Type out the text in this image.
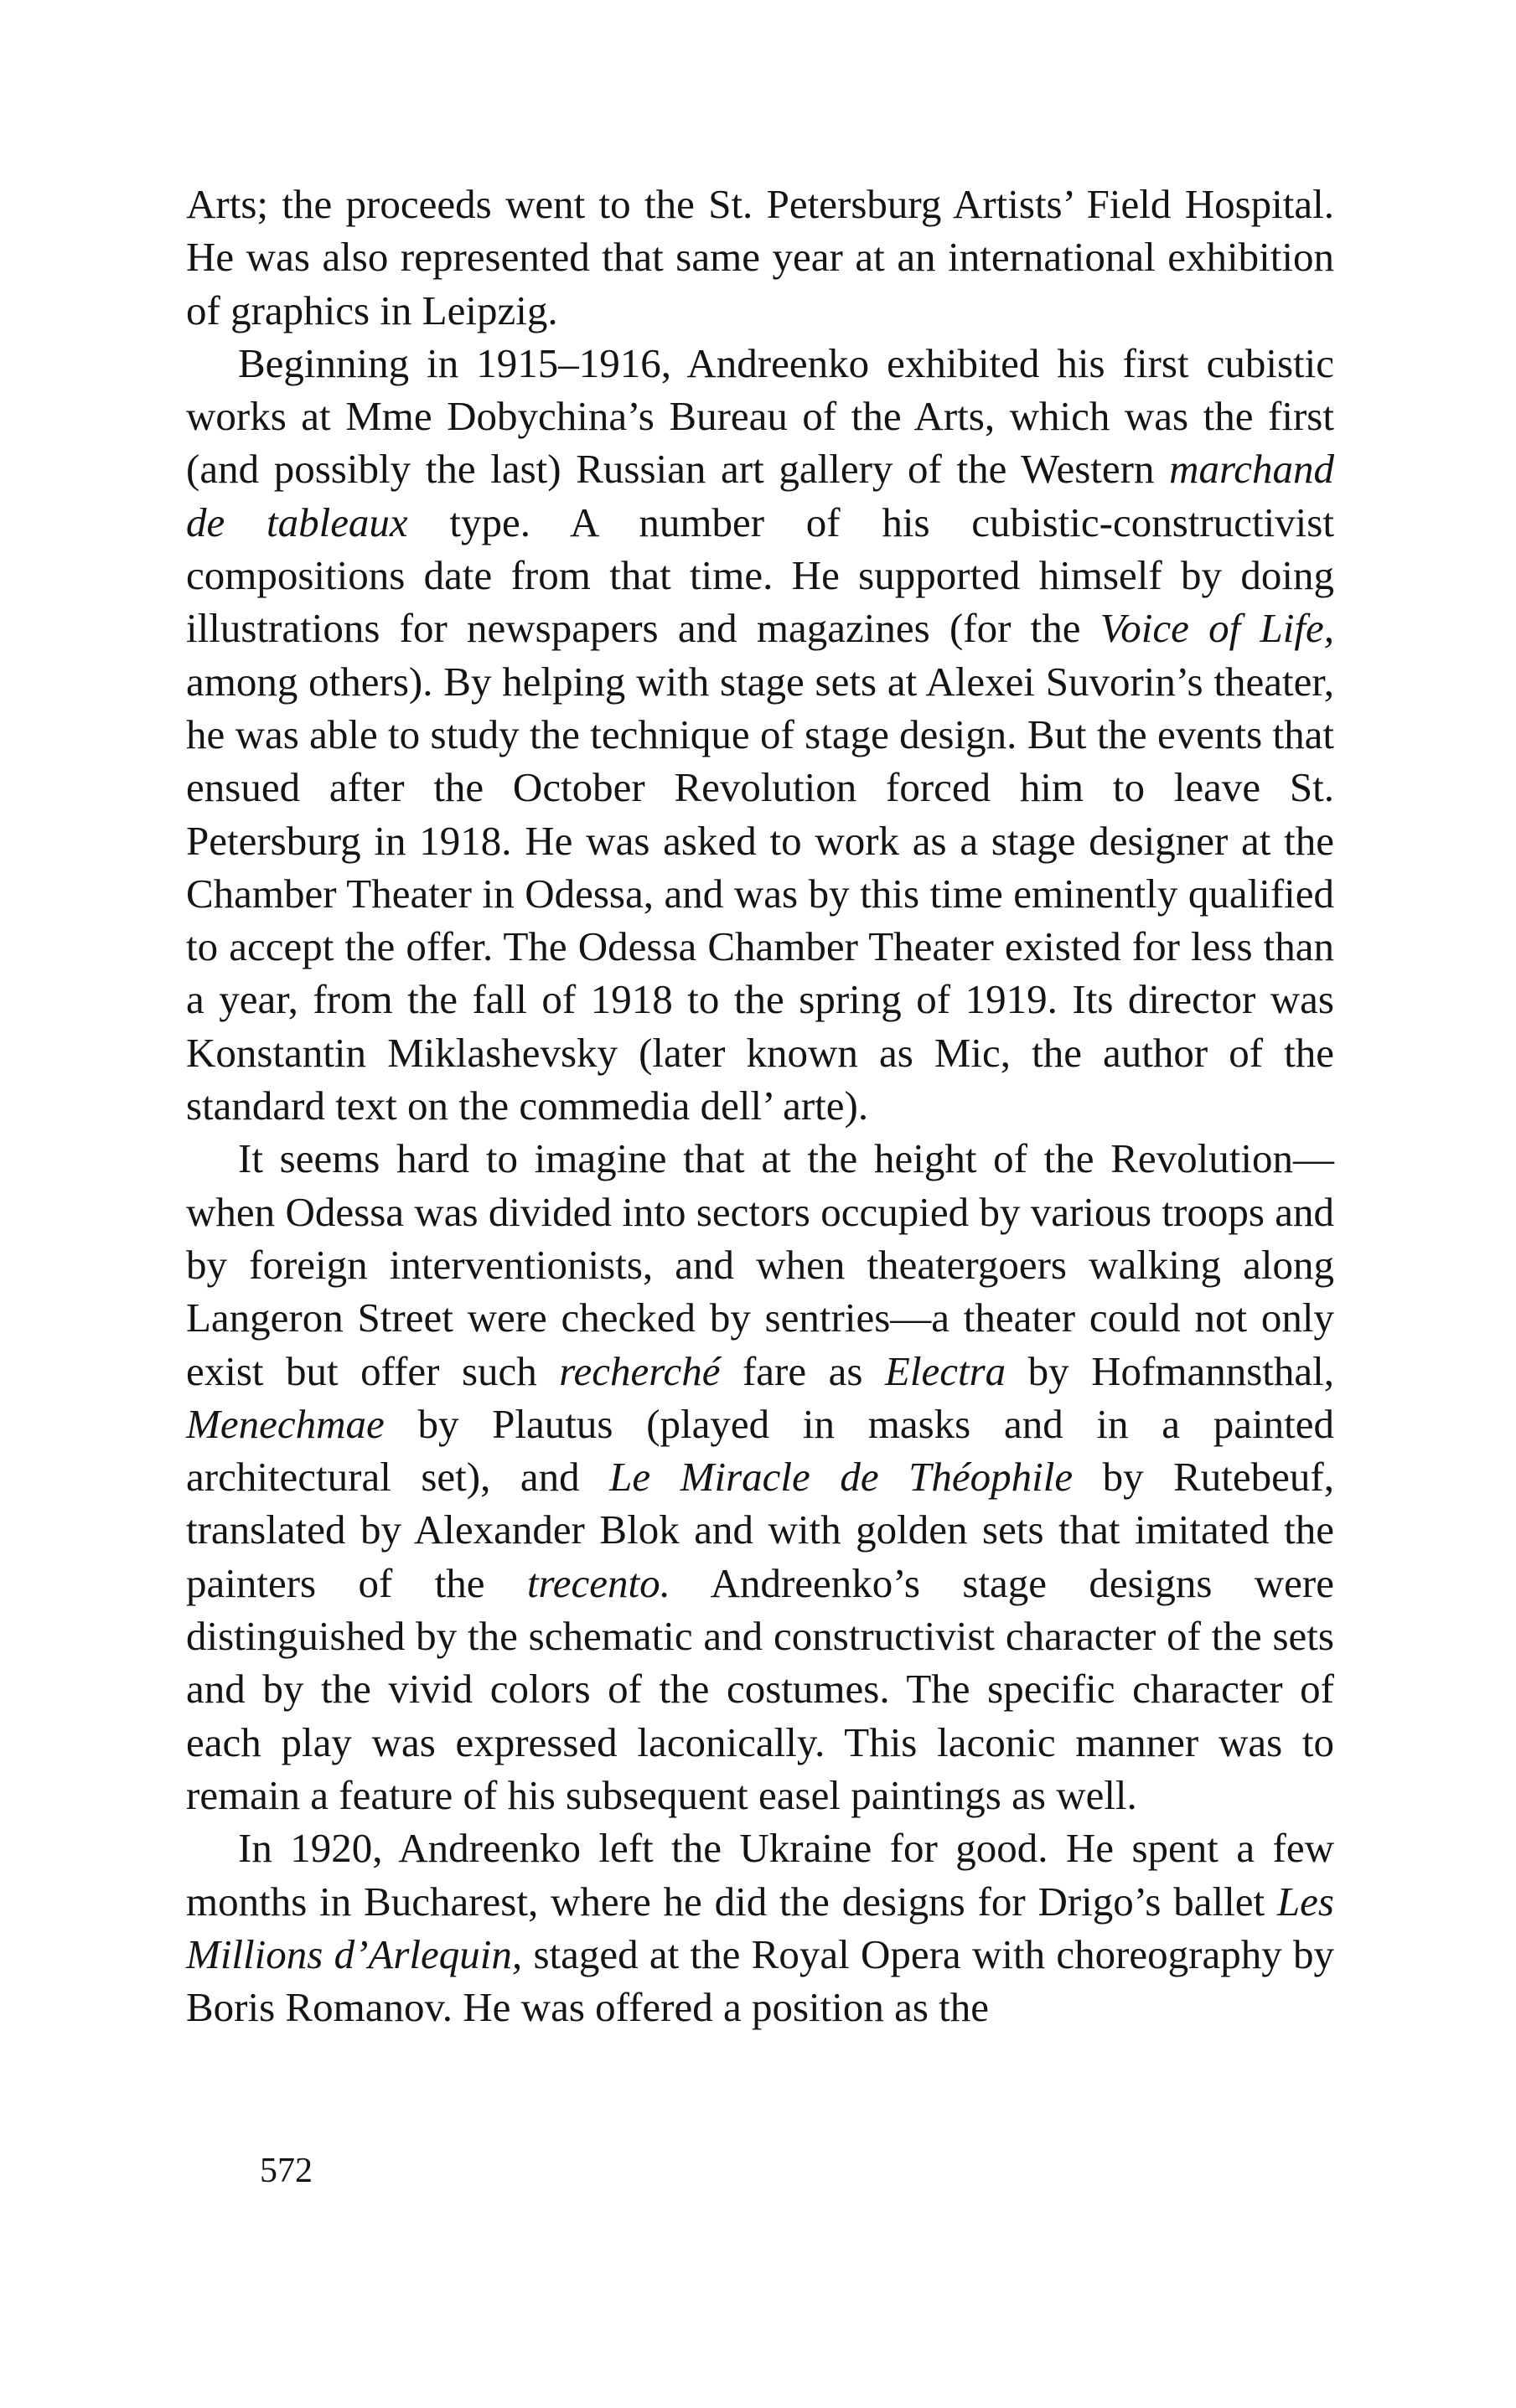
Arts; the proceeds went to the St. Petersburg Artists’ Field Hospital. He was also represented that same year at an international exhibition of graphics in Leipzig.

Beginning in 1915–1916, Andreenko exhibited his first cubistic works at Mme Dobychina’s Bureau of the Arts, which was the first (and possibly the last) Russian art gallery of the Western marchand de tableaux type. A number of his cubistic-constructivist compositions date from that time. He supported himself by doing illustrations for newspapers and magazines (for the Voice of Life, among others). By helping with stage sets at Alexei Suvorin’s theater, he was able to study the technique of stage design. But the events that ensued after the October Revolution forced him to leave St. Petersburg in 1918. He was asked to work as a stage designer at the Chamber Theater in Odessa, and was by this time eminently qualified to accept the offer. The Odessa Chamber Theater existed for less than a year, from the fall of 1918 to the spring of 1919. Its director was Konstantin Miklashevsky (later known as Mic, the author of the standard text on the commedia dell’ arte).

It seems hard to imagine that at the height of the Revolution—when Odessa was divided into sectors occupied by various troops and by foreign interventionists, and when theatergoers walking along Langeron Street were checked by sentries—a theater could not only exist but offer such recherché fare as Electra by Hofmannsthal, Menechmae by Plautus (played in masks and in a painted architectural set), and Le Miracle de Théophile by Rutebeuf, translated by Alexander Blok and with golden sets that imitated the painters of the trecento. Andreenko’s stage designs were distinguished by the schematic and constructivist character of the sets and by the vivid colors of the costumes. The specific character of each play was expressed laconically. This laconic manner was to remain a feature of his subsequent easel paintings as well.

In 1920, Andreenko left the Ukraine for good. He spent a few months in Bucharest, where he did the designs for Drigo’s ballet Les Millions d’Arlequin, staged at the Royal Opera with choreography by Boris Romanov. He was offered a position as the

572
